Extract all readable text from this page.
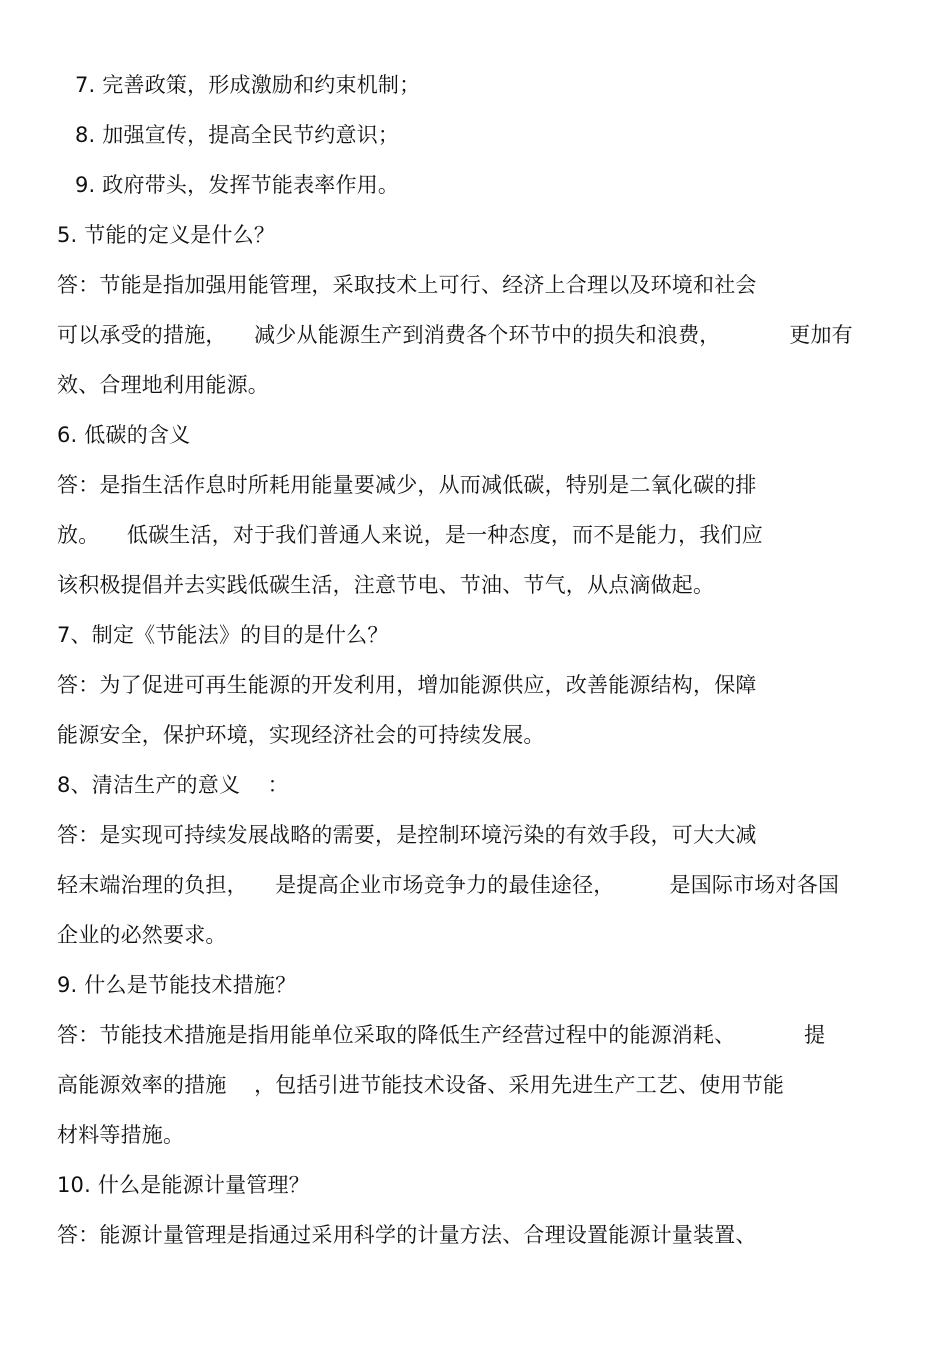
7. 完善政策，形成激励和约束机制；
8. 加强宣传，提高全民节约意识；
9. 政府带头，发挥节能表率作用。
5. 节能的定义是什么？
答：节能是指加强用能管理，采取技术上可行、经济上合理以及环境和社会
可以承受的措施，    减少从能源生产到消费各个环节中的损失和浪费，          更加有
效、合理地利用能源。
6. 低碳的含义
答：是指生活作息时所耗用能量要减少，从而减低碳，特别是二氧化碳的排
放。    低碳生活，对于我们普通人来说，是一种态度，而不是能力，我们应
该积极提倡并去实践低碳生活，注意节电、节油、节气，从点滴做起。
7、制定《节能法》的目的是什么？
答：为了促进可再生能源的开发利用，增加能源供应，改善能源结构，保障
能源安全，保护环境，实现经济社会的可持续发展。
8、清洁生产的意义    ：
答：是实现可持续发展战略的需要，是控制环境污染的有效手段，可大大减
轻末端治理的负担，    是提高企业市场竞争力的最佳途径，        是国际市场对各国
企业的必然要求。
9. 什么是节能技术措施？
答：节能技术措施是指用能单位采取的降低生产经营过程中的能源消耗、          提
高能源效率的措施    ，包括引进节能技术设备、采用先进生产工艺、使用节能
材料等措施。
10. 什么是能源计量管理？
答：能源计量管理是指通过采用科学的计量方法、合理设置能源计量装置、
